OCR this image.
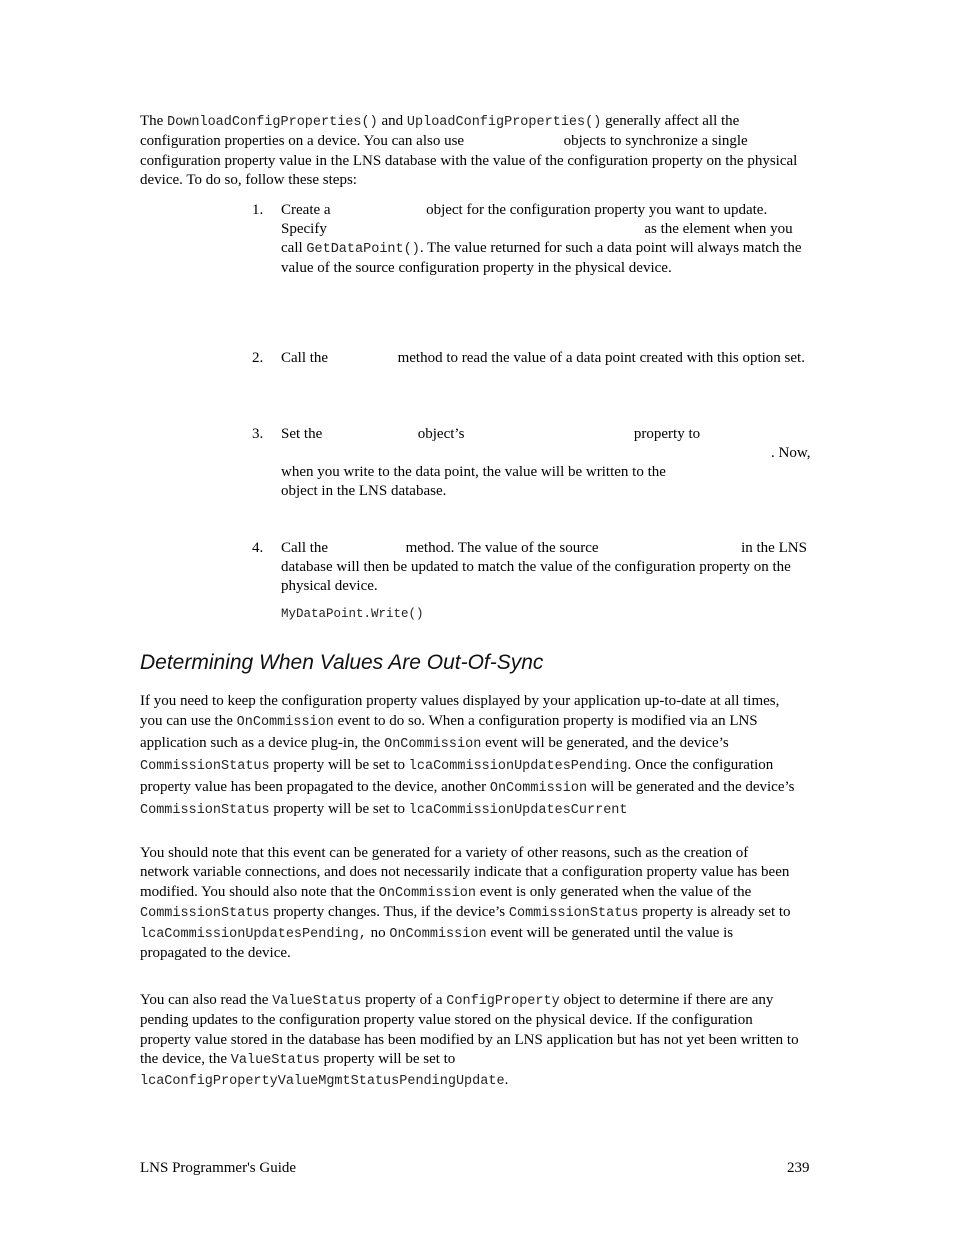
The DownloadConfigProperties() and UploadConfigProperties() generally affect all the configuration properties on a device. You can also use	objects to synchronize a single configuration property value in the LNS database with the value of the configuration property on the physical device. To do so, follow these steps:
1. Create a	object for the configuration property you want to update. Specify	as the element when you call GetDataPoint(). The value returned for such a data point will always match the value of the source configuration property in the physical device.
2. Call the	method to read the value of a data point created with this option set.
3. Set the	object’s	property to . Now, when you write to the data point, the value will be written to the  object in the LNS database.
4. Call the	method. The value of the source	in the LNS database will then be updated to match the value of the configuration property on the physical device.
MyDataPoint.Write()
Determining When Values Are Out-Of-Sync
If you need to keep the configuration property values displayed by your application up-to-date at all times, you can use the OnCommission event to do so. When a configuration property is modified via an LNS application such as a device plug-in, the OnCommission event will be generated, and the device’s CommissionStatus property will be set to lcaCommissionUpdatesPending. Once the configuration property value has been propagated to the device, another OnCommission will be generated and the device’s CommissionStatus property will be set to lcaCommissionUpdatesCurrent
You should note that this event can be generated for a variety of other reasons, such as the creation of network variable connections, and does not necessarily indicate that a configuration property value has been modified. You should also note that the OnCommission event is only generated when the value of the CommissionStatus property changes. Thus, if the device’s CommissionStatus property is already set to lcaCommissionUpdatesPending, no OnCommission event will be generated until the value is propagated to the device.
You can also read the ValueStatus property of a ConfigProperty object to determine if there are any pending updates to the configuration property value stored on the physical device. If the configuration property value stored in the database has been modified by an LNS application but has not yet been written to the device, the ValueStatus property will be set to lcaConfigPropertyValueMgmtStatusPendingUpdate.
LNS Programmer's Guide	239
